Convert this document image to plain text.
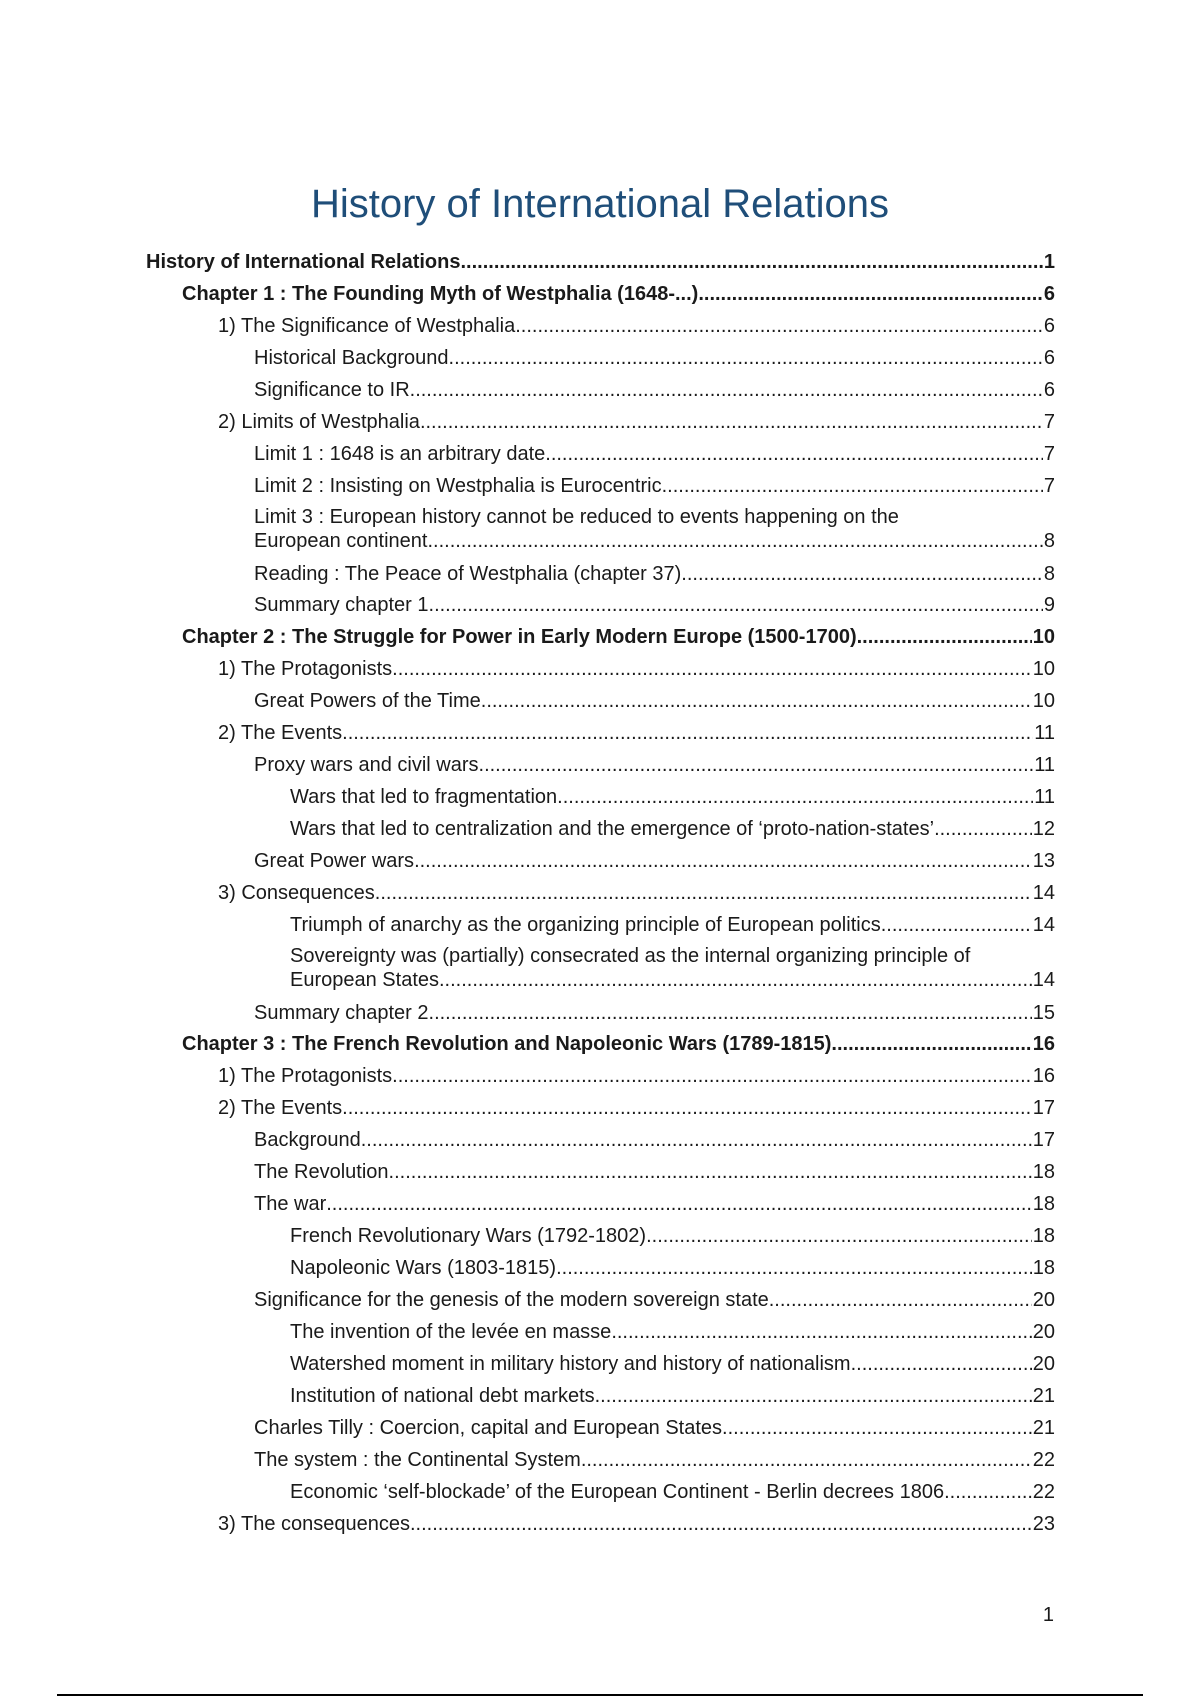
History of International Relations
History of International Relations .....	1
Chapter 1 : The Founding Myth of Westphalia (1648-...) .....	6
1) The Significance of Westphalia .....	6
Historical Background .....	6
Significance to IR .....	6
2) Limits of Westphalia .....	7
Limit 1 : 1648 is an arbitrary date .....	7
Limit 2 : Insisting on Westphalia is Eurocentric .....	7
Limit 3 : European history cannot be reduced to events happening on the
European continent .....	8
Reading : The Peace of Westphalia (chapter 37) .....	8
Summary chapter 1 .....	9
Chapter 2 : The Struggle for Power in Early Modern Europe (1500-1700) .....	10
1) The Protagonists .....	10
Great Powers of the Time .....	10
2) The Events .....	11
Proxy wars and civil wars .....	11
Wars that led to fragmentation .....	11
Wars that led to centralization and the emergence of ‘proto-nation-states’ .....	12
Great Power wars .....	13
3) Consequences .....	14
Triumph of anarchy as the organizing principle of European politics .....	14
Sovereignty was (partially) consecrated as the internal organizing principle of
European States .....	14
Summary chapter 2 .....	15
Chapter 3 : The French Revolution and Napoleonic Wars (1789-1815) .....	16
1) The Protagonists .....	16
2) The Events .....	17
Background .....	17
The Revolution .....	18
The war .....	18
French Revolutionary Wars (1792-1802) .....	18
Napoleonic Wars (1803-1815) .....	18
Significance for the genesis of the modern sovereign state .....	20
The invention of the levée en masse .....	20
Watershed moment in military history and history of nationalism .....	20
Institution of national debt markets .....	21
Charles Tilly : Coercion, capital and European States .....	21
The system : the Continental System .....	22
Economic ‘self-blockade’ of the European Continent - Berlin decrees 1806. .....	22
3) The consequences .....	23
1
